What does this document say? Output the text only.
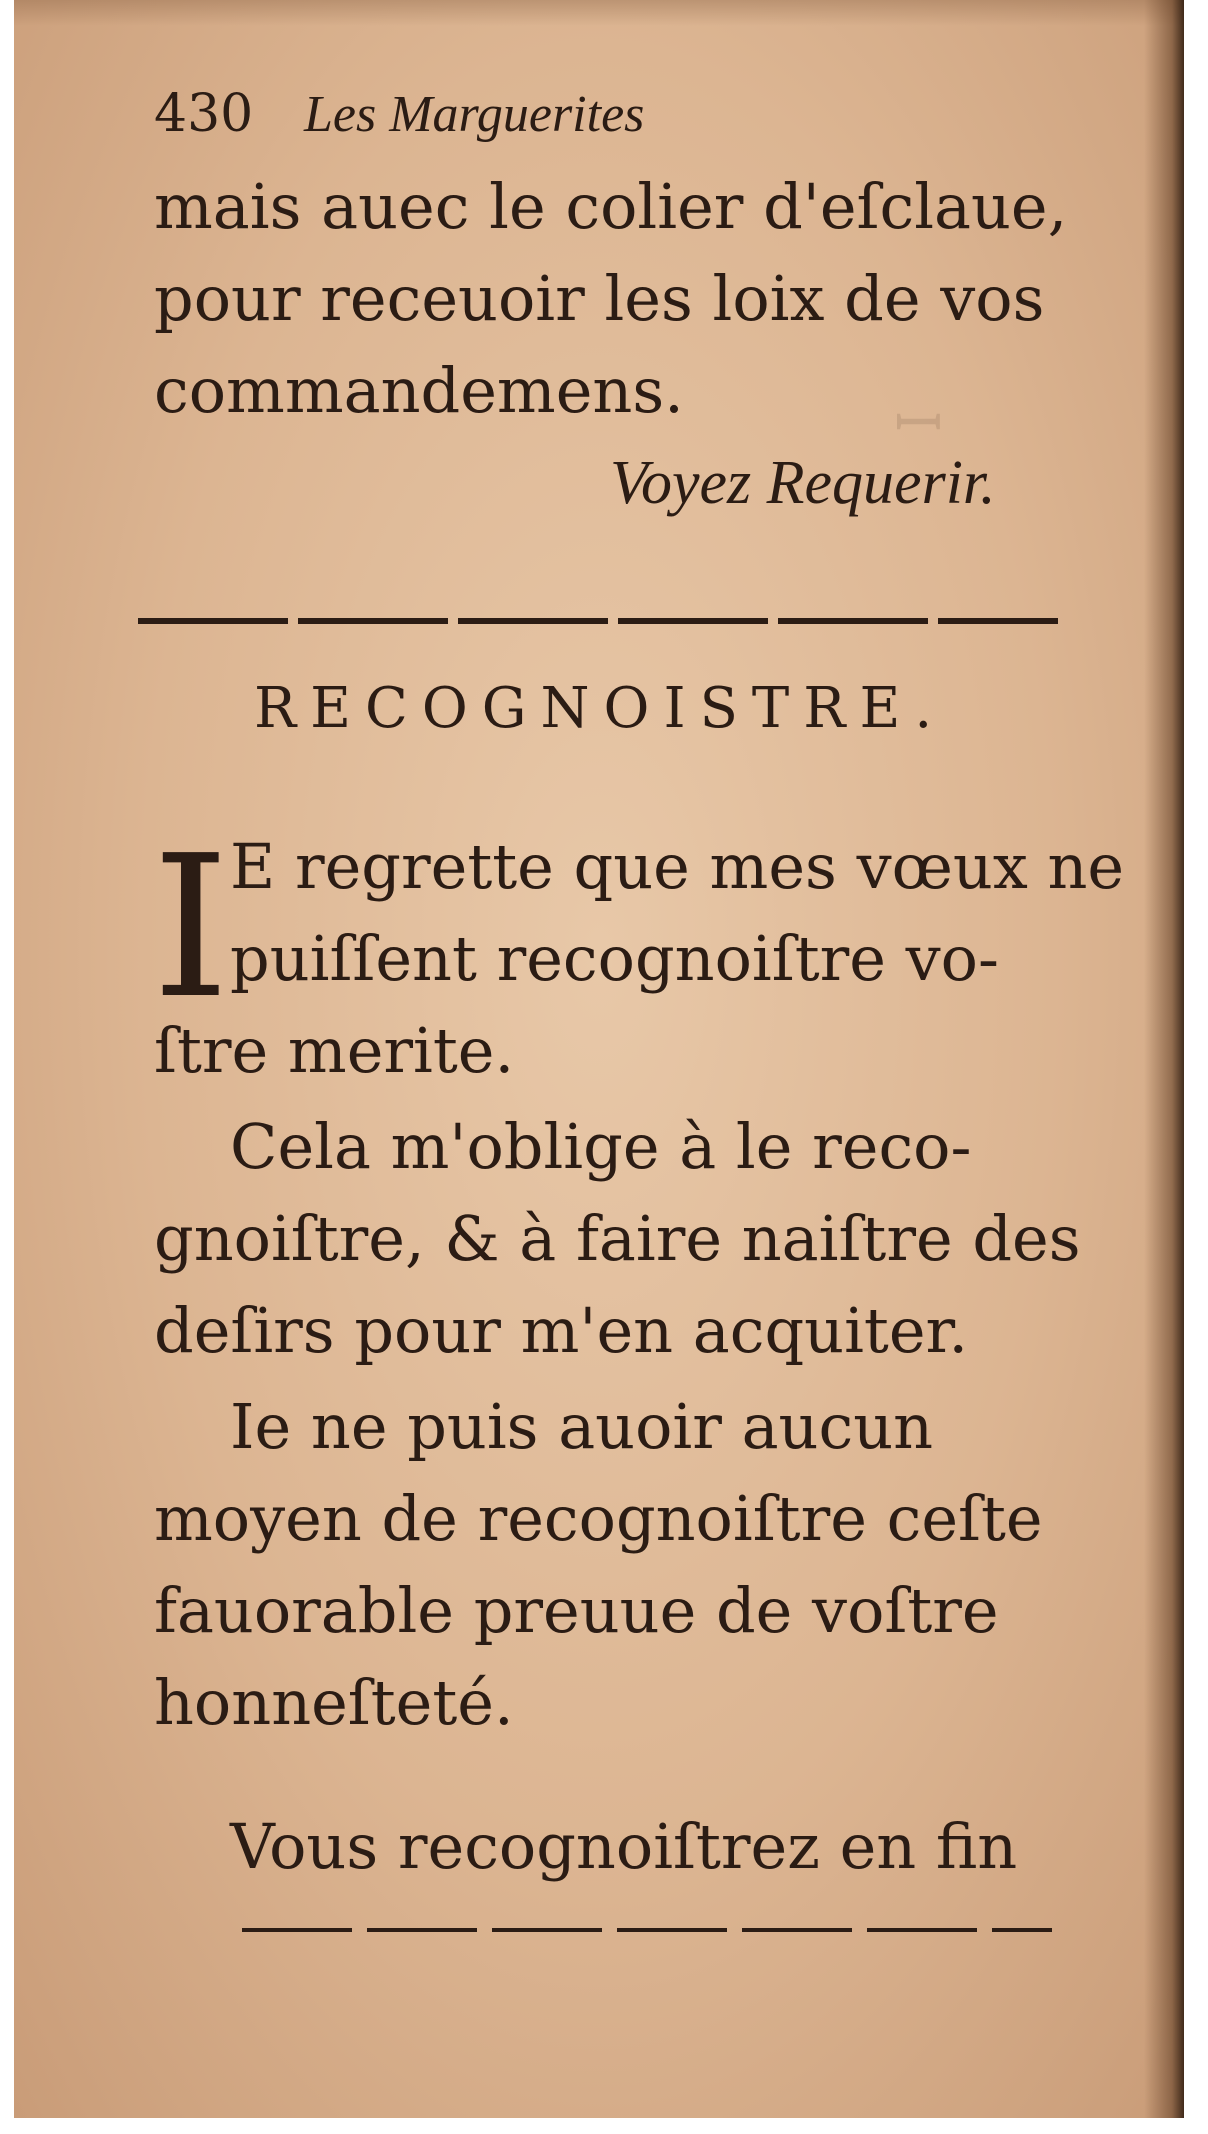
ꟷ
430 Les Marguerites
mais auec le colier d'eſclaue,
pour receuoir les loix de vos
commandemens.
Voyez Requerir.
RECOGNOISTRE.
I E regrette que mes vœux ne
puiſſent recognoiſtre vo-
ſtre merite.
Cela m'oblige à le reco-
gnoiſtre, & à faire naiſtre des
deſirs pour m'en acquiter.
Ie ne puis auoir aucun
moyen de recognoiſtre ceſte
fauorable preuue de voſtre
honneſteté.
Vous recognoiſtrez en fin
